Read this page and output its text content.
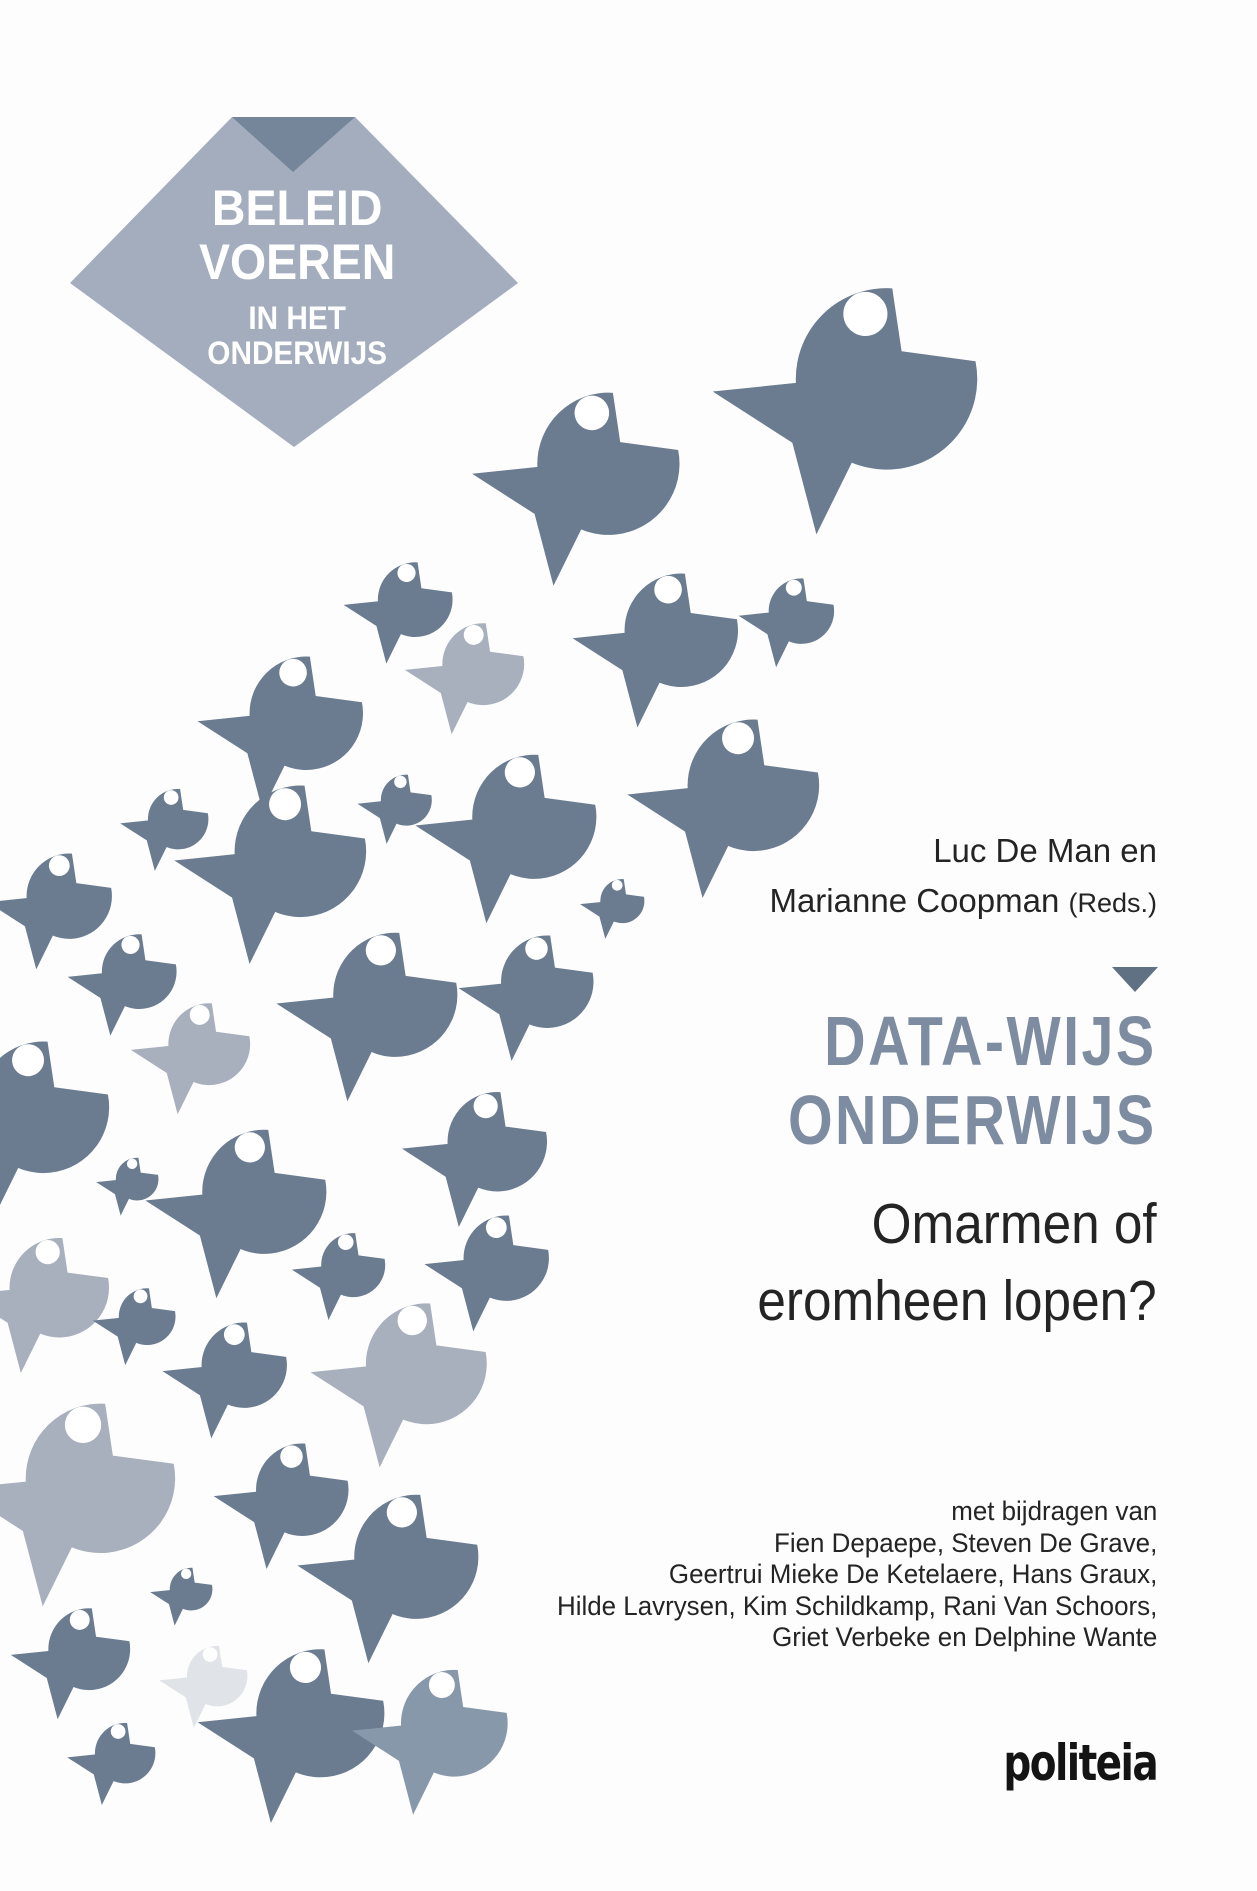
BELEID
VOEREN
IN HET
ONDERWIJS
Luc De Man en
Marianne Coopman (Reds.)
DATA-WIJS
ONDERWIJS
Omarmen of
eromheen lopen?
met bijdragen van
Fien Depaepe, Steven De Grave,
Geertrui Mieke De Ketelaere, Hans Graux,
Hilde Lavrysen, Kim Schildkamp, Rani Van Schoors,
Griet Verbeke en Delphine Wante
politeia
